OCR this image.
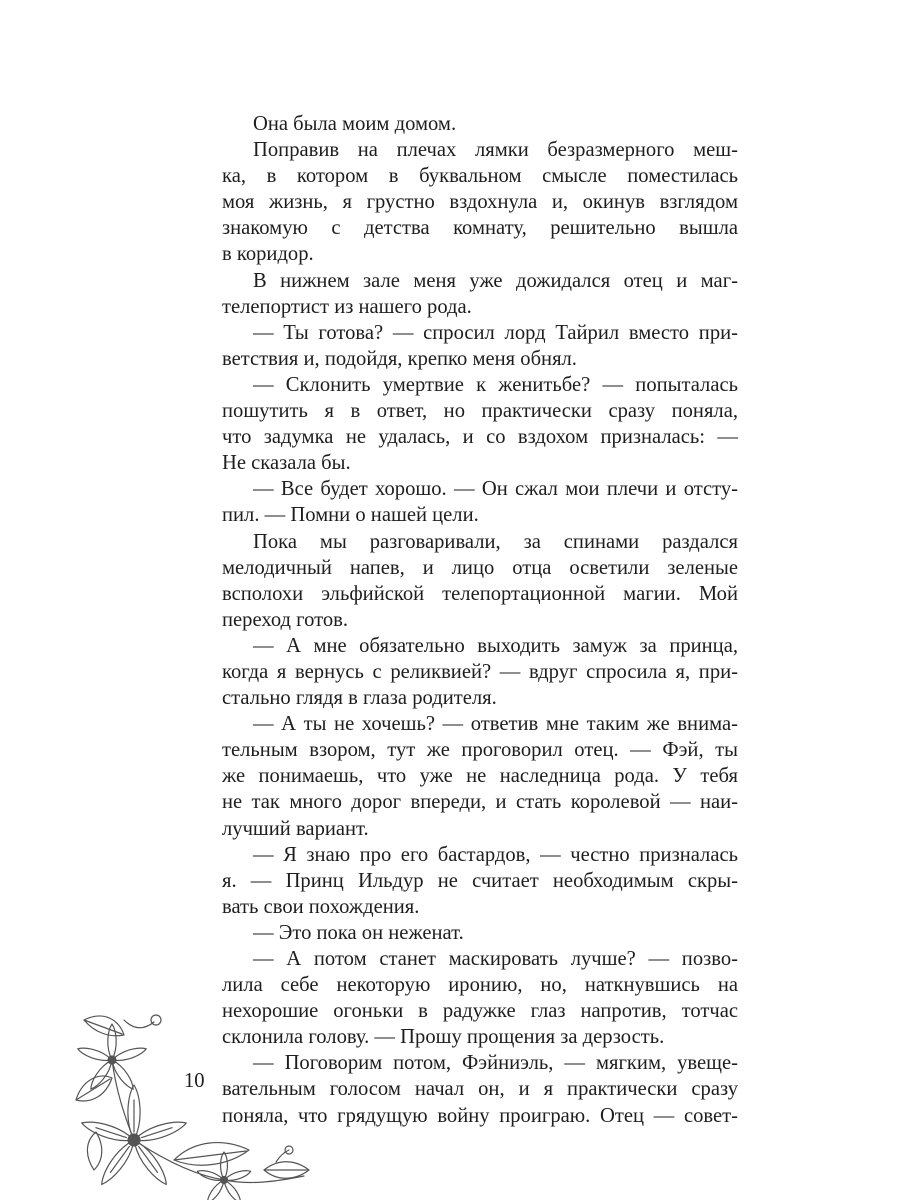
Она была моим домом.
Поправив на плечах лямки безразмерного меш-
ка, в котором в буквальном смысле поместилась
моя жизнь, я грустно вздохнула и, окинув взглядом
знакомую с детства комнату, решительно вышла
в коридор.
В нижнем зале меня уже дожидался отец и маг-
телепортист из нашего рода.
— Ты готова? — спросил лорд Тайрил вместо при-
ветствия и, подойдя, крепко меня обнял.
— Склонить умертвие к женитьбе? — попыталась
пошутить я в ответ, но практически сразу поняла,
что задумка не удалась, и со вздохом призналась: —
Не сказала бы.
— Все будет хорошо. — Он сжал мои плечи и отсту-
пил. — Помни о нашей цели.
Пока мы разговаривали, за спинами раздался
мелодичный напев, и лицо отца осветили зеленые
всполохи эльфийской телепортационной магии. Мой
переход готов.
— А мне обязательно выходить замуж за принца,
когда я вернусь с реликвией? — вдруг спросила я, при-
стально глядя в глаза родителя.
— А ты не хочешь? — ответив мне таким же внима-
тельным взором, тут же проговорил отец. — Фэй, ты
же понимаешь, что уже не наследница рода. У тебя
не так много дорог впереди, и стать королевой — наи-
лучший вариант.
— Я знаю про его бастардов, — честно призналась
я. — Принц Ильдур не считает необходимым скры-
вать свои похождения.
— Это пока он неженат.
— А потом станет маскировать лучше? — позво-
лила себе некоторую иронию, но, наткнувшись на
нехорошие огоньки в радужке глаз напротив, тотчас
склонила голову. — Прошу прощения за дерзость.
— Поговорим потом, Фэйниэль, — мягким, увеще-
вательным голосом начал он, и я практически сразу
поняла, что грядущую войну проиграю. Отец — совет-
10
